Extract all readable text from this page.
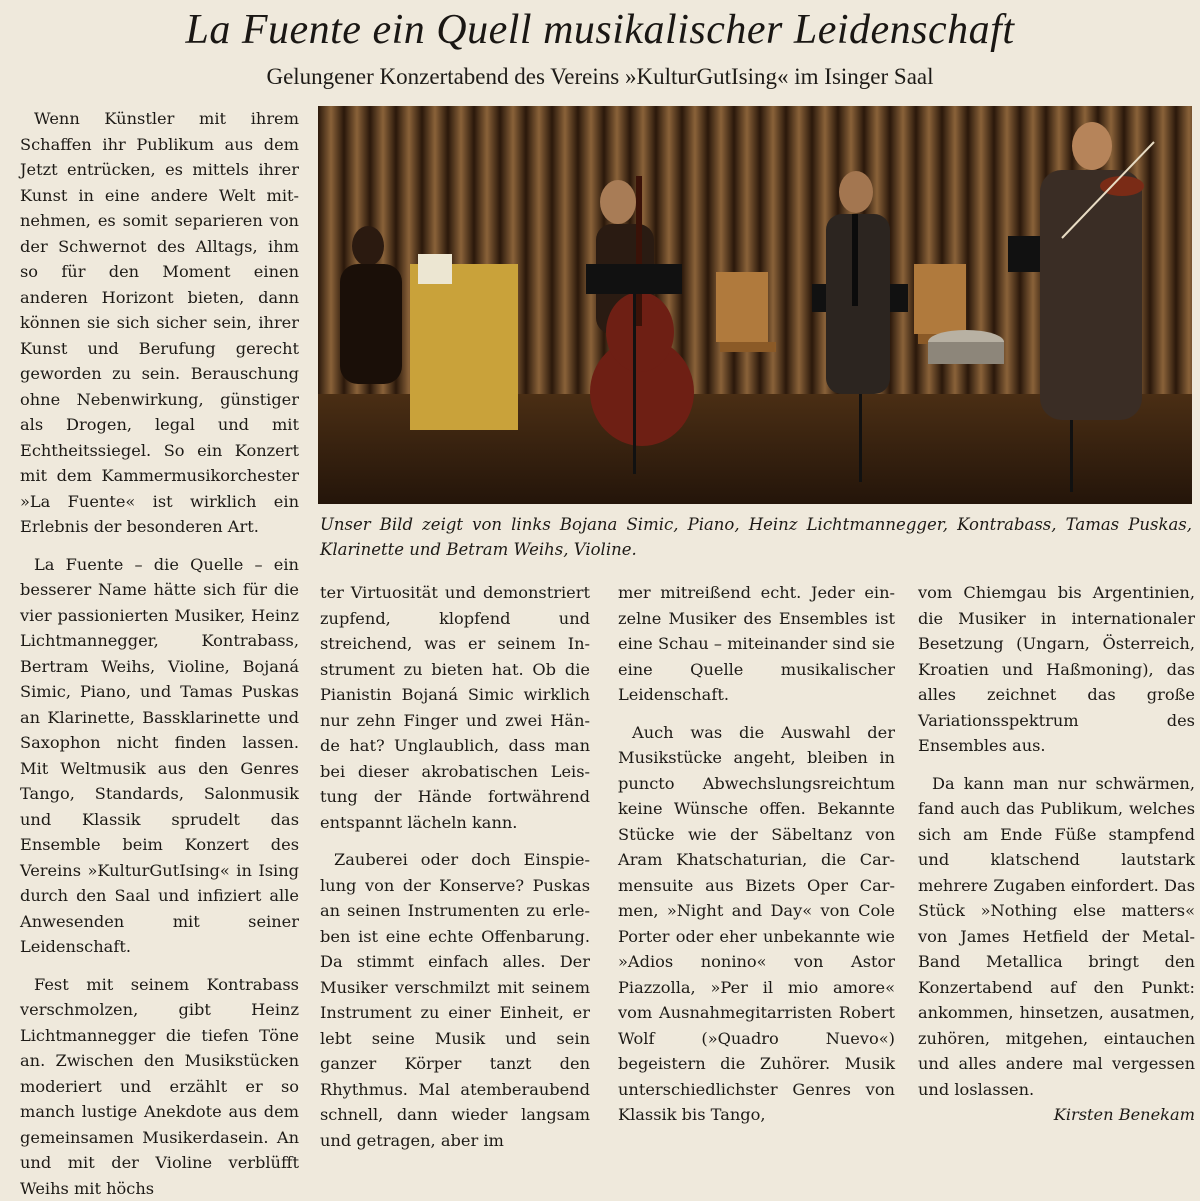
La Fuente ein Quell musikalischer Leidenschaft
Gelungener Konzertabend des Vereins »KulturGutIsing« im Isinger Saal

Wenn Künstler mit ihrem Schaffen ihr Publikum aus dem Jetzt entrücken, es mittels ihrer Kunst in eine andere Welt mitnehmen, es somit separieren von der Schwernot des Alltags, ihm so für den Moment einen anderen Horizont bieten, dann können sie sich sicher sein, ihrer Kunst und Berufung gerecht geworden zu sein. Berauschung ohne Nebenwirkung, günstiger als Drogen, legal und mit Echtheitssiegel. So ein Konzert mit dem Kammermusikorchester »La Fuente« ist wirklich ein Erlebnis der besonderen Art.

La Fuente – die Quelle – ein besserer Name hätte sich für die vier passionierten Musiker, Heinz Lichtmannegger, Kontrabass, Bertram Weihs, Violine, Bojaná Simic, Piano, und Tamas Puskas an Klarinette, Bassklarinette und Saxophon nicht finden lassen. Mit Weltmusik aus den Genres Tango, Standards, Salonmusik und Klassik sprudelt das Ensemble beim Konzert des Vereins »KulturGutIsing« in Ising durch den Saal und infiziert alle Anwesenden mit seiner Leidenschaft.

Fest mit seinem Kontrabass verschmolzen, gibt Heinz Lichtmannegger die tiefen Töne an. Zwischen den Musikstücken moderiert und erzählt er so manch lustige Anekdote aus dem gemeinsamen Musikerdasein. An und mit der Violine verblüfft Weihs mit höchs

Unser Bild zeigt von links Bojana Simic, Piano, Heinz Lichtmannegger, Kontrabass, Tamas Puskas, Klarinette und Betram Weihs, Violine.

ter Virtuosität und demonstriert zupfend, klopfend und streichend, was er seinem Instrument zu bieten hat. Ob die Pianistin Bojaná Simic wirklich nur zehn Finger und zwei Hände hat? Unglaublich, dass man bei dieser akrobatischen Leistung der Hände fortwährend entspannt lächeln kann.

Zauberei oder doch Einspielung von der Konserve? Puskas an seinen Instrumenten zu erleben ist eine echte Offenbarung. Da stimmt einfach alles. Der Musiker verschmilzt mit seinem Instrument zu einer Einheit, er lebt seine Musik und sein ganzer Körper tanzt den Rhythmus. Mal atemberaubend schnell, dann wieder langsam und getragen, aber im

mer mitreißend echt. Jeder einzelne Musiker des Ensembles ist eine Schau – miteinander sind sie eine Quelle musikalischer Leidenschaft.

Auch was die Auswahl der Musikstücke angeht, bleiben in puncto Abwechslungsreichtum keine Wünsche offen. Bekannte Stücke wie der Säbeltanz von Aram Khatschaturian, die Carmensuite aus Bizets Oper Carmen, »Night and Day« von Cole Porter oder eher unbekannte wie »Adios nonino« von Astor Piazzolla, »Per il mio amore« vom Ausnahmegitarristen Robert Wolf (»Quadro Nuevo«) begeistern die Zuhörer. Musik unterschiedlichster Genres von Klassik bis Tango,

vom Chiemgau bis Argentinien, die Musiker in internationaler Besetzung (Ungarn, Österreich, Kroatien und Haßmoning), das alles zeichnet das große Variationsspektrum des Ensembles aus.

Da kann man nur schwärmen, fand auch das Publikum, welches sich am Ende Füße stampfend und klatschend lautstark mehrere Zugaben einfordert. Das Stück »Nothing else matters« von James Hetfield der Metal-Band Metallica bringt den Konzertabend auf den Punkt: ankommen, hinsetzen, ausatmen, zuhören, mitgehen, eintauchen und alles andere mal vergessen und loslassen.

Kirsten Benekam
